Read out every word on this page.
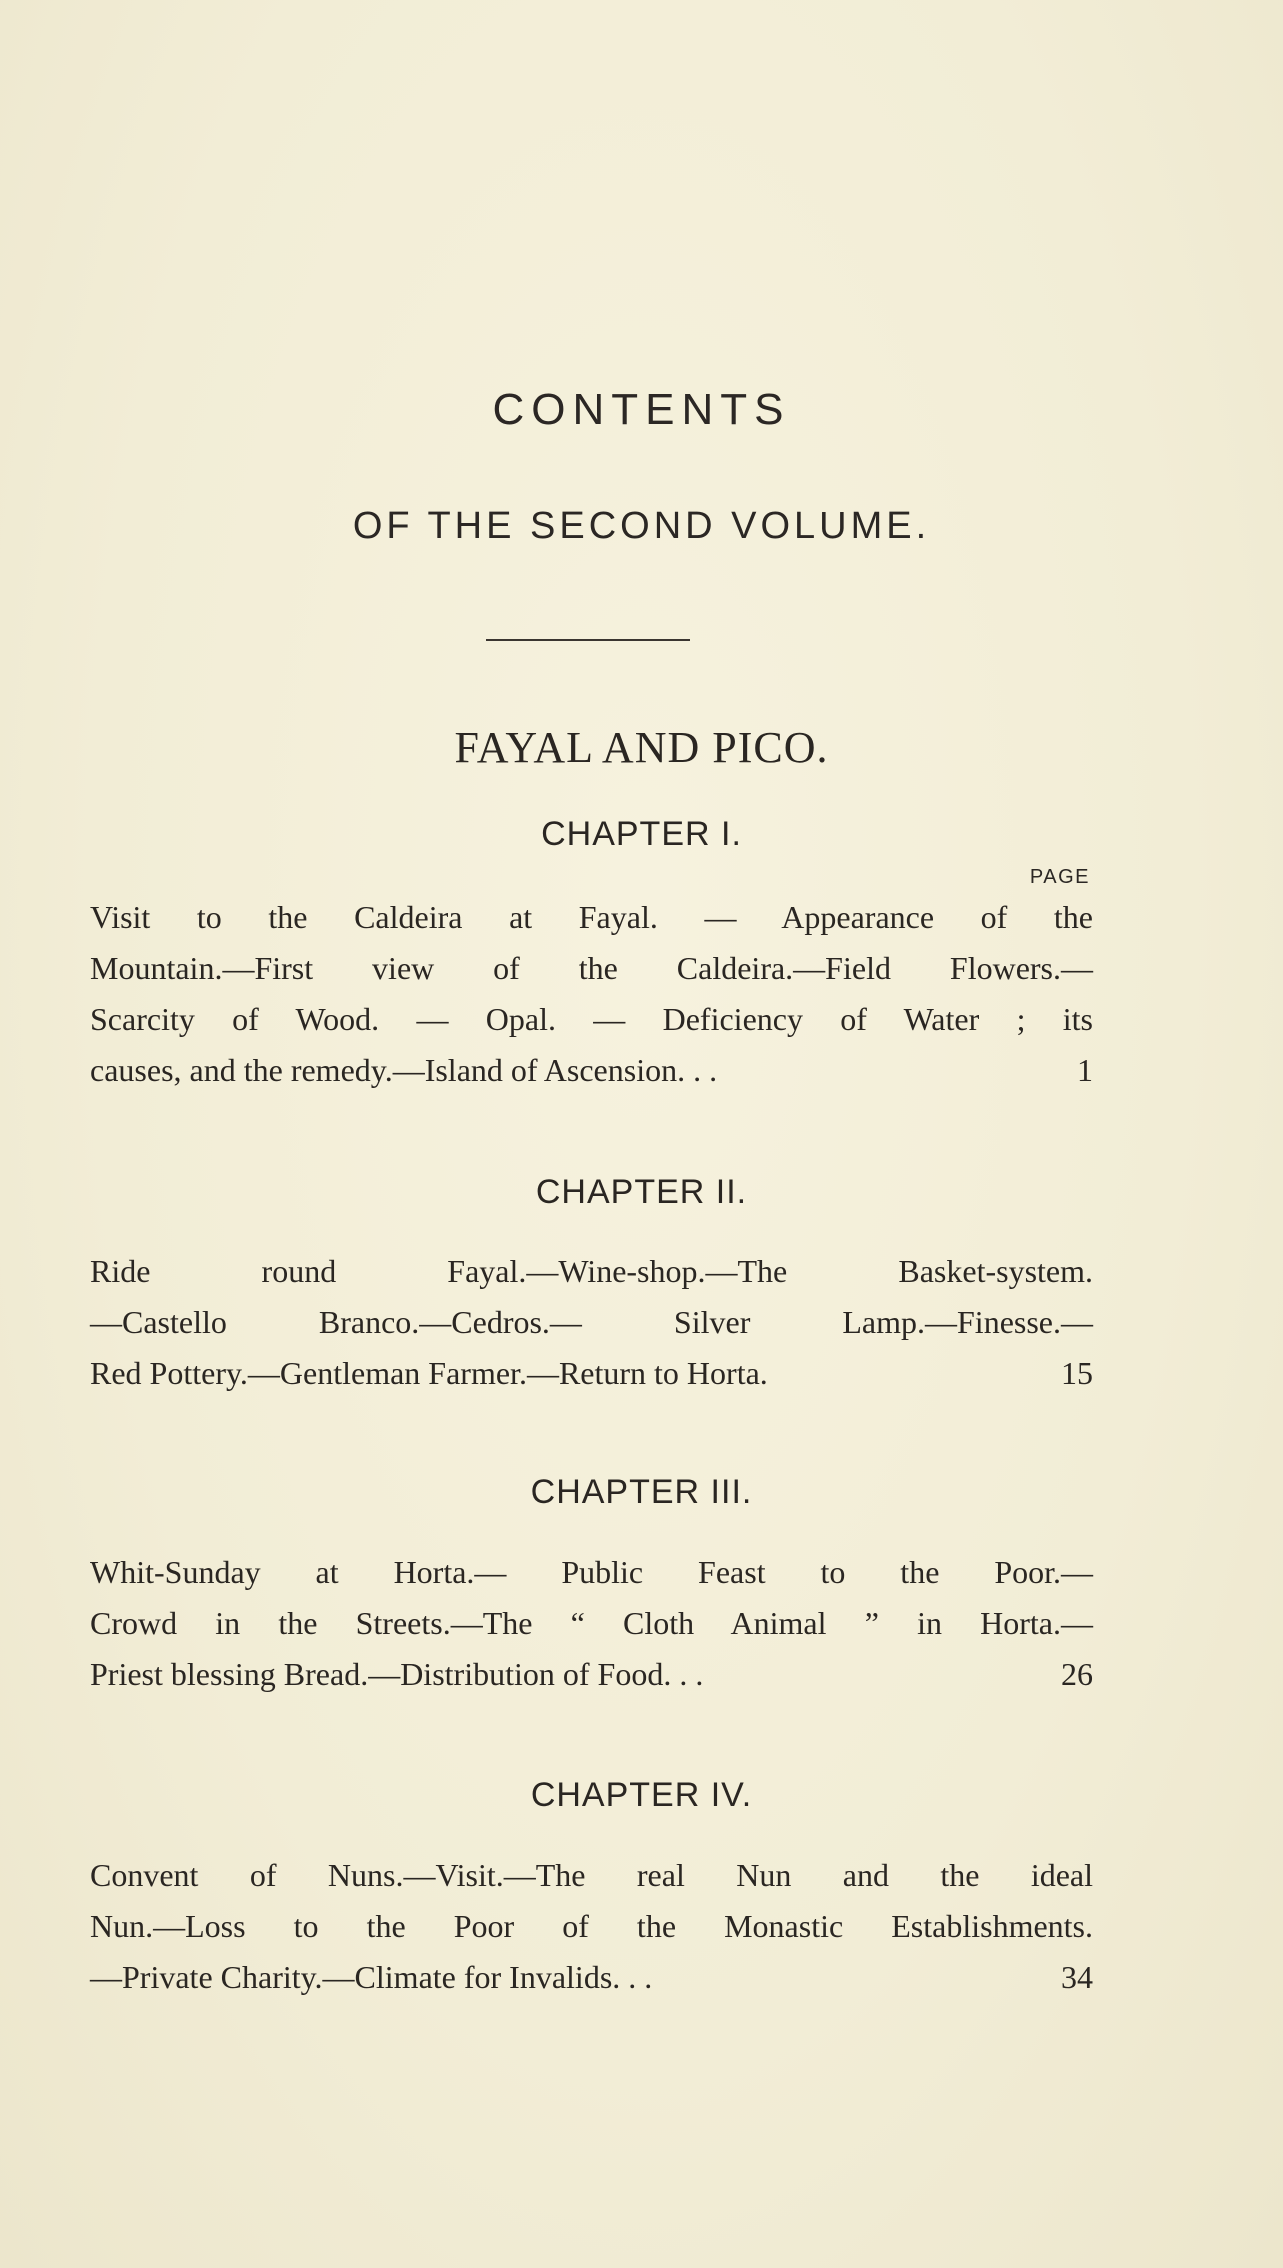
CONTENTS
OF THE SECOND VOLUME.
FAYAL AND PICO.
CHAPTER I.
PAGE
Visit to the Caldeira at Fayal. — Appearance of the
Mountain.—First view of the Caldeira.—Field Flowers.—
Scarcity of Wood. — Opal. — Deficiency of Water ; its
causes, and the remedy.—Island of Ascension. . .	1
CHAPTER II.
Ride round Fayal.—Wine-shop.—The Basket-system.
—Castello Branco.—Cedros.— Silver Lamp.—Finesse.—
Red Pottery.—Gentleman Farmer.—Return to Horta.	15
CHAPTER III.
Whit-Sunday at Horta.— Public Feast to the Poor.—
Crowd in the Streets.—The “ Cloth Animal ” in Horta.—
Priest blessing Bread.—Distribution of Food. . .	26
CHAPTER IV.
Convent of Nuns.—Visit.—The real Nun and the ideal
Nun.—Loss to the Poor of the Monastic Establishments.
—Private Charity.—Climate for Invalids. . .	34
